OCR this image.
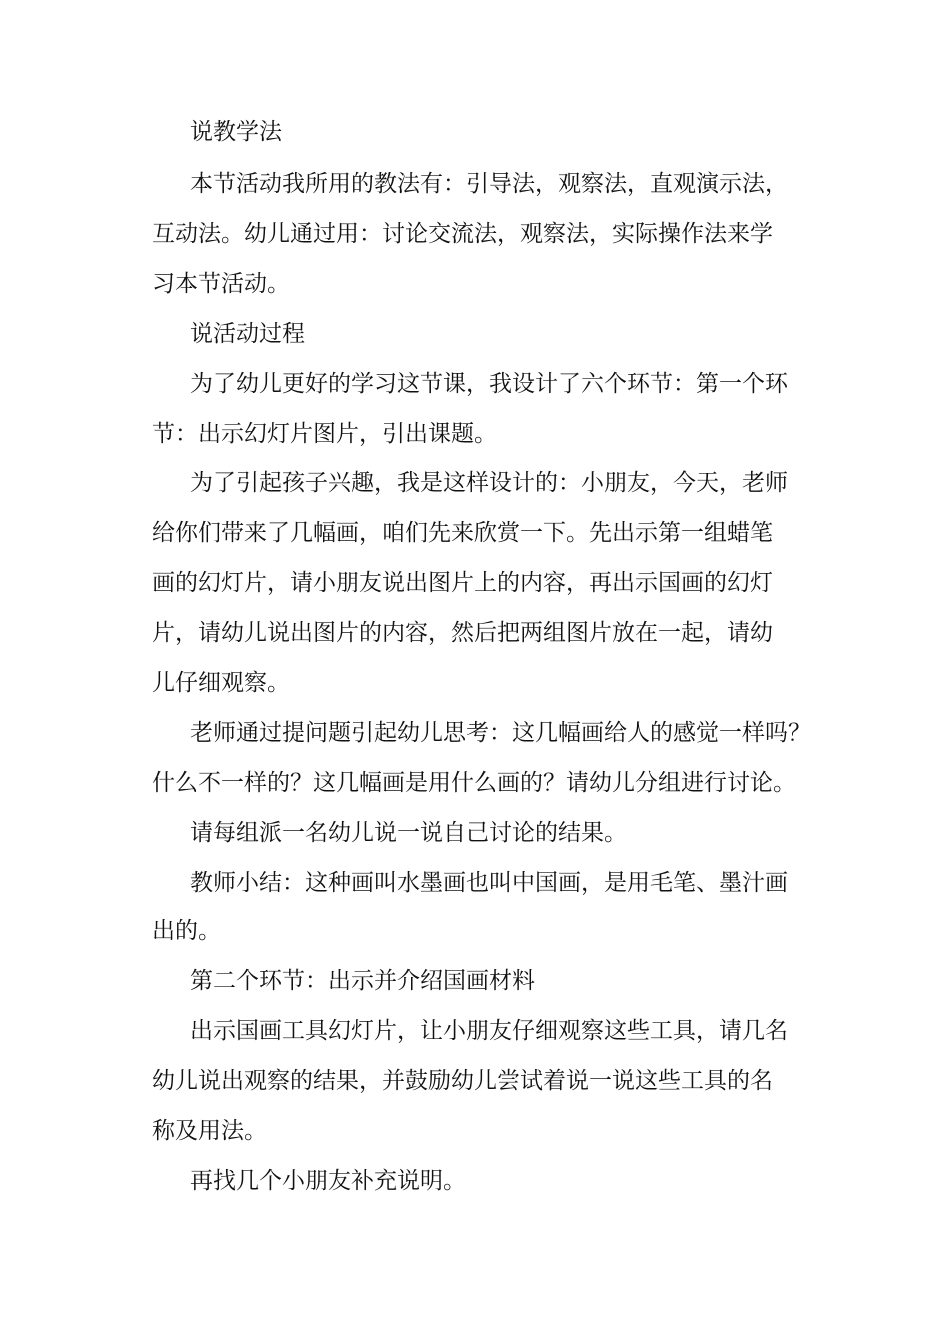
说教学法

本节活动我所用的教法有：引导法，观察法，直观演示法，

互动法。幼儿通过用：讨论交流法，观察法，实际操作法来学

习本节活动。

说活动过程

为了幼儿更好的学习这节课，我设计了六个环节：第一个环

节：出示幻灯片图片，引出课题。

为了引起孩子兴趣，我是这样设计的：小朋友，今天，老师

给你们带来了几幅画，咱们先来欣赏一下。先出示第一组蜡笔

画的幻灯片，请小朋友说出图片上的内容，再出示国画的幻灯

片，请幼儿说出图片的内容，然后把两组图片放在一起，请幼

儿仔细观察。

老师通过提问题引起幼儿思考：这几幅画给人的感觉一样吗？

什么不一样的？这几幅画是用什么画的？请幼儿分组进行讨论。

请每组派一名幼儿说一说自己讨论的结果。

教师小结：这种画叫水墨画也叫中国画，是用毛笔、墨汁画

出的。

第二个环节：出示并介绍国画材料

出示国画工具幻灯片，让小朋友仔细观察这些工具，请几名

幼儿说出观察的结果，并鼓励幼儿尝试着说一说这些工具的名

称及用法。

再找几个小朋友补充说明。
